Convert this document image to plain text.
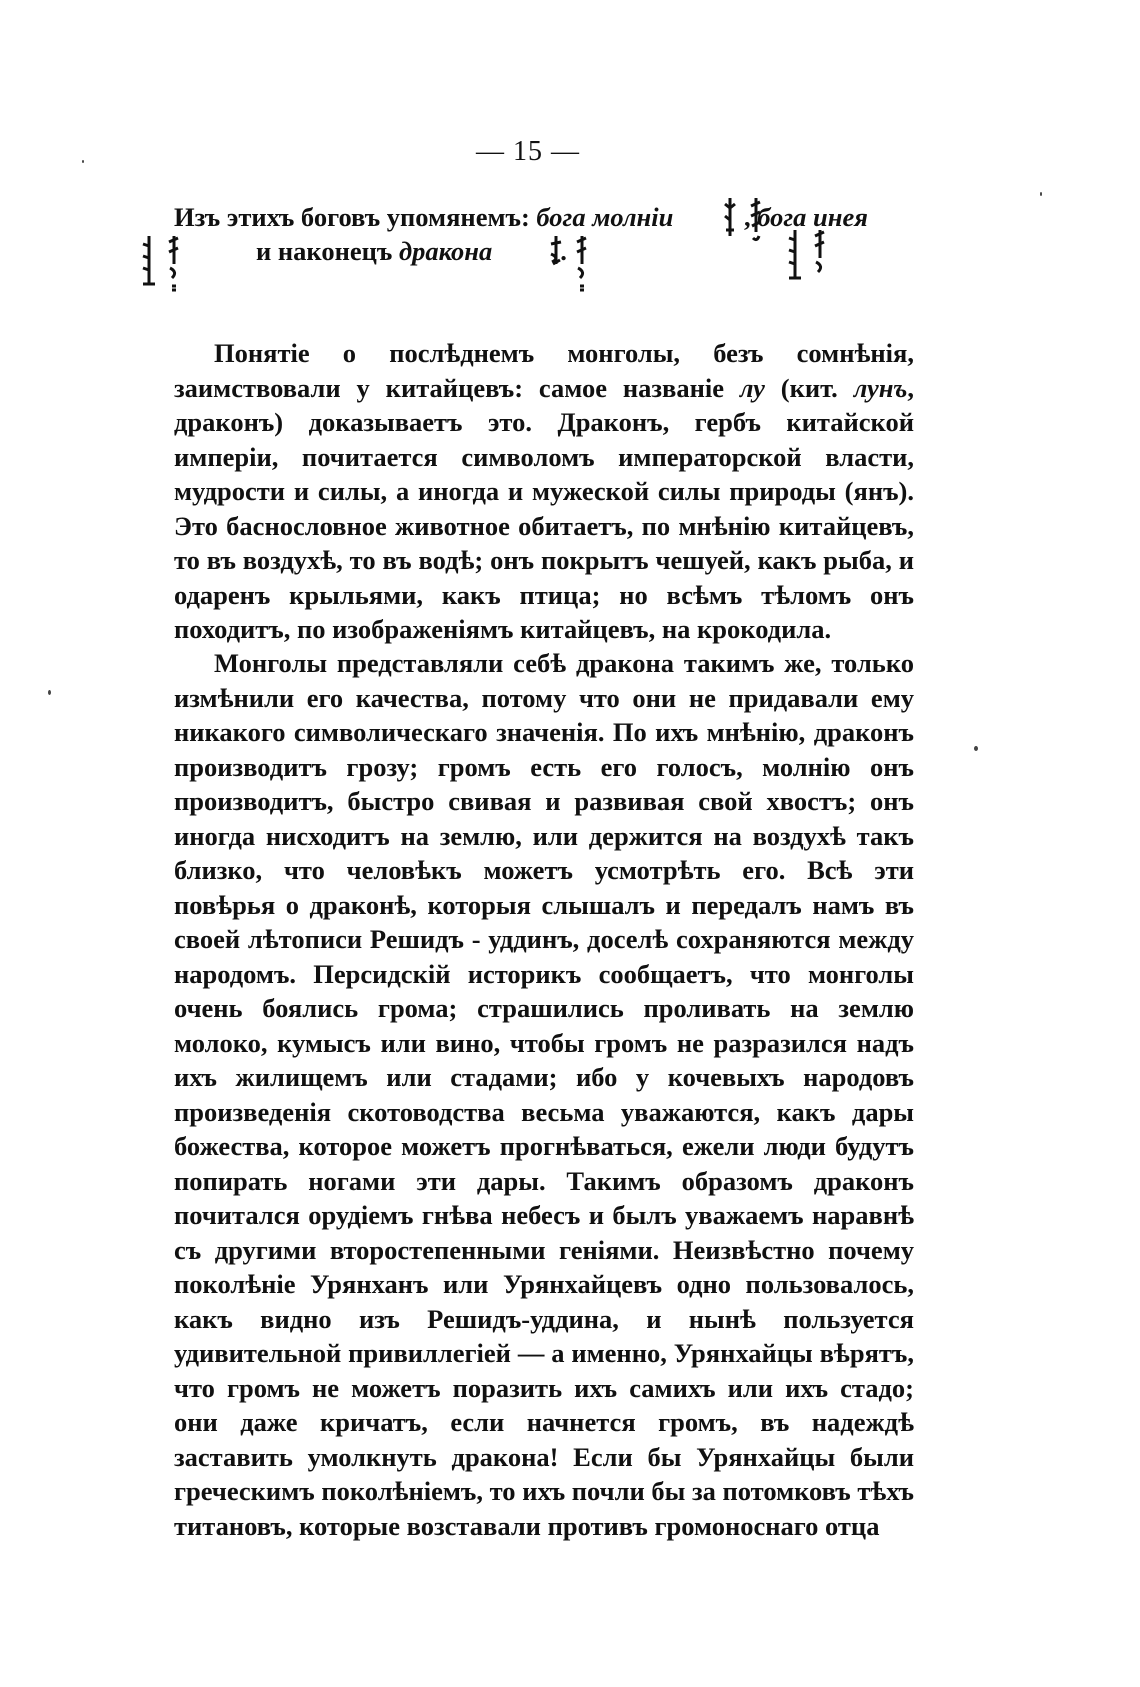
— 15 —
Изъ этихъ боговъ упомянемъ: бога молніи , бога инея
и наконецъ дракона	.

Понятіе о послѣднемъ монголы, безъ сомнѣнія, заимствовали у китайцевъ: самое названіе лу (кит. лунъ, драконъ) доказываетъ это. Драконъ, гербъ китайской имперіи, почитается символомъ императорской власти, мудрости и силы, а иногда и мужеской силы природы (янъ). Это баснословное животное обитаетъ, по мнѣнію китайцевъ, то въ воздухѣ, то въ водѣ; онъ покрытъ чешуей, какъ рыба, и одаренъ крыльями, какъ птица; но всѣмъ тѣломъ онъ походитъ, по изображеніямъ китайцевъ, на крокодила.

Монголы представляли себѣ дракона такимъ же, только измѣнили его качества, потому что они не придавали ему никакого символическаго значенія. По ихъ мнѣнію, драконъ производитъ грозу; громъ есть его голосъ, молнію онъ производитъ, быстро свивая и развивая свой хвостъ; онъ иногда нисходитъ на землю, или держится на воздухѣ такъ близко, что человѣкъ можетъ усмотрѣть его. Всѣ эти повѣрья о драконѣ, которыя слышалъ и передалъ намъ въ своей лѣтописи Решидъ - уддинъ, доселѣ сохраняются между народомъ. Персидскій историкъ сообщаетъ, что монголы очень боялись грома; страшились проливать на землю молоко, кумысъ или вино, чтобы громъ не разразился надъ ихъ жилищемъ или стадами; ибо у кочевыхъ народовъ произведенія скотоводства весьма уважаются, какъ дары божества, которое можетъ прогнѣваться, ежели люди будутъ попирать ногами эти дары. Такимъ образомъ драконъ почитался орудіемъ гнѣва небесъ и былъ уважаемъ наравнѣ съ другими второстепенными геніями. Неизвѣстно почему поколѣніе Урянханъ или Урянхайцевъ одно пользовалось, какъ видно изъ Решидъ-уддина, и нынѣ пользуется удивительной привиллегіей — а именно, Урянхайцы вѣрятъ, что громъ не можетъ поразить ихъ самихъ или ихъ стадо; они даже кричатъ, если начнется громъ, въ надеждѣ заставить умолкнуть дракона! Если бы Урянхайцы были греческимъ поколѣніемъ, то ихъ почли бы за потомковъ тѣхъ титановъ, которые возставали противъ громоноснаго отца
